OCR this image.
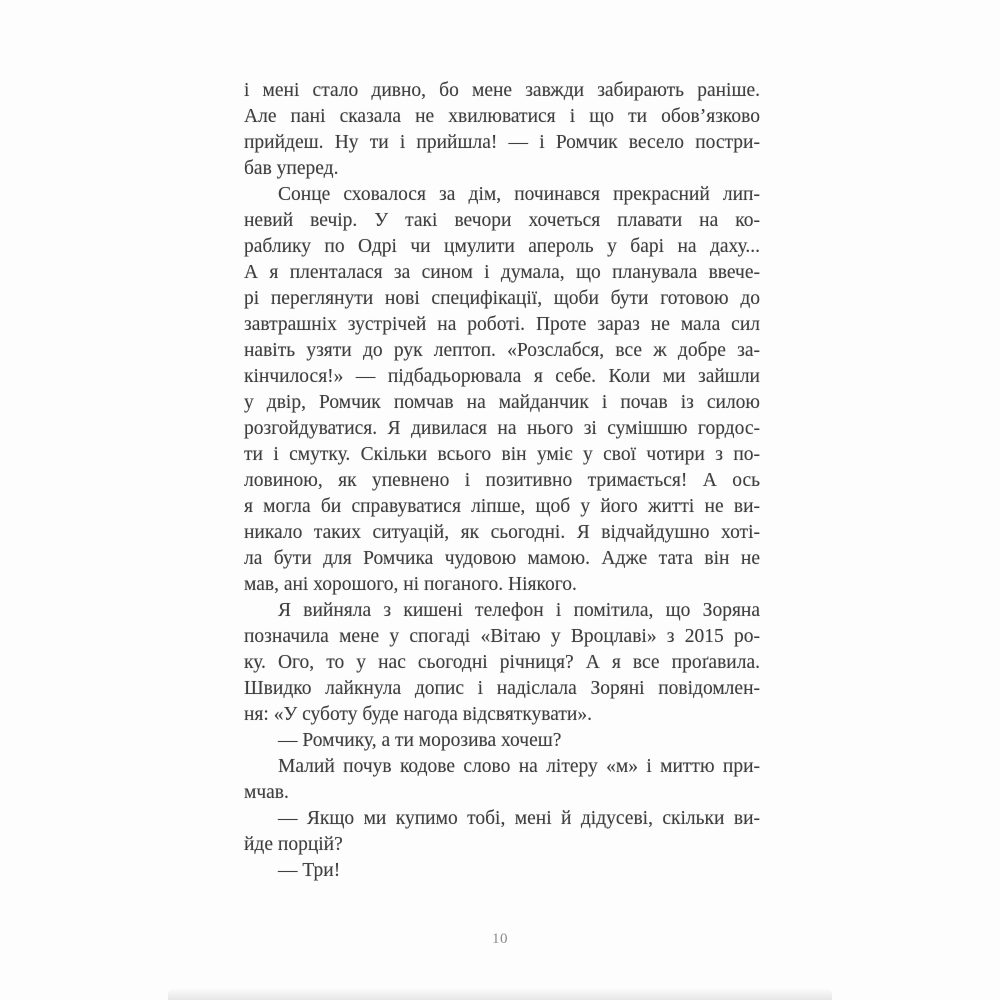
і мені стало дивно, бо мене завжди забирають раніше.
Але пані сказала не хвилюватися і що ти обов’язково
прийдеш. Ну ти і прийшла! — і Ромчик весело постри-
бав уперед.
Сонце сховалося за дім, починався прекрасний лип-
невий вечір. У такі вечори хочеться плавати на ко-
раблику по Одрі чи цмулити апероль у барі на даху...
А я пленталася за сином і думала, що планувала ввече-
рі переглянути нові специфікації, щоби бути готовою до
завтрашніх зустрічей на роботі. Проте зараз не мала сил
навіть узяти до рук лептоп. «Розслабся, все ж добре за-
кінчилося!» — підбадьорювала я себе. Коли ми зайшли
у двір, Ромчик помчав на майданчик і почав із силою
розгойдуватися. Я дивилася на нього зі сумішшю гордос-
ти і смутку. Скільки всього він уміє у свої чотири з по-
ловиною, як упевнено і позитивно тримається! А ось
я могла би справуватися ліпше, щоб у його житті не ви-
никало таких ситуацій, як сьогодні. Я відчайдушно хоті-
ла бути для Ромчика чудовою мамою. Адже тата він не
мав, ані хорошого, ні поганого. Ніякого.
Я вийняла з кишені телефон і помітила, що Зоряна
позначила мене у спогаді «Вітаю у Вроцлаві» з 2015 ро-
ку. Ого, то у нас сьогодні річниця? А я все проґавила.
Швидко лайкнула допис і надіслала Зоряні повідомлен-
ня: «У суботу буде нагода відсвяткувати».
— Ромчику, а ти морозива хочеш?
Малий почув кодове слово на літеру «м» і миттю при-
мчав.
— Якщо ми купимо тобі, мені й дідусеві, скільки ви-
йде порцій?
— Три!
10
